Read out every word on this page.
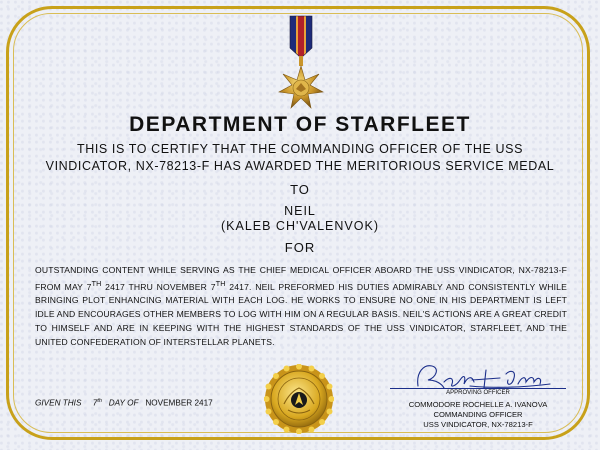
DEPARTMENT OF STARFLEET
THIS IS TO CERTIFY THAT THE COMMANDING OFFICER OF THE USS
VINDICATOR, NX-78213-F HAS AWARDED THE MERITORIOUS SERVICE MEDAL
TO
NEIL
(KALEB CH'VALENVOK)
FOR
OUTSTANDING CONTENT WHILE SERVING AS THE CHIEF MEDICAL OFFICER ABOARD THE USS VINDICATOR, NX-78213-F FROM MAY 7TH 2417 THRU NOVEMBER 7TH 2417. NEIL PREFORMED HIS DUTIES ADMIRABLY AND CONSISTENTLY WHILE BRINGING PLOT ENHANCING MATERIAL WITH EACH LOG. HE WORKS TO ENSURE NO ONE IN HIS DEPARTMENT IS LEFT IDLE AND ENCOURAGES OTHER MEMBERS TO LOG WITH HIM ON A REGULAR BASIS. NEIL'S ACTIONS ARE A GREAT CREDIT TO HIMSELF AND ARE IN KEEPING WITH THE HIGHEST STANDARDS OF THE USS VINDICATOR, STARFLEET, AND THE UNITED CONFEDERATION OF INTERSTELLAR PLANETS.
GIVEN THIS 7th DAY OF NOVEMBER 2417
APPROVING OFFICER
COMMODORE ROCHELLE A. IVANOVA
COMMANDING OFFICER
USS VINDICATOR, NX-78213-F
